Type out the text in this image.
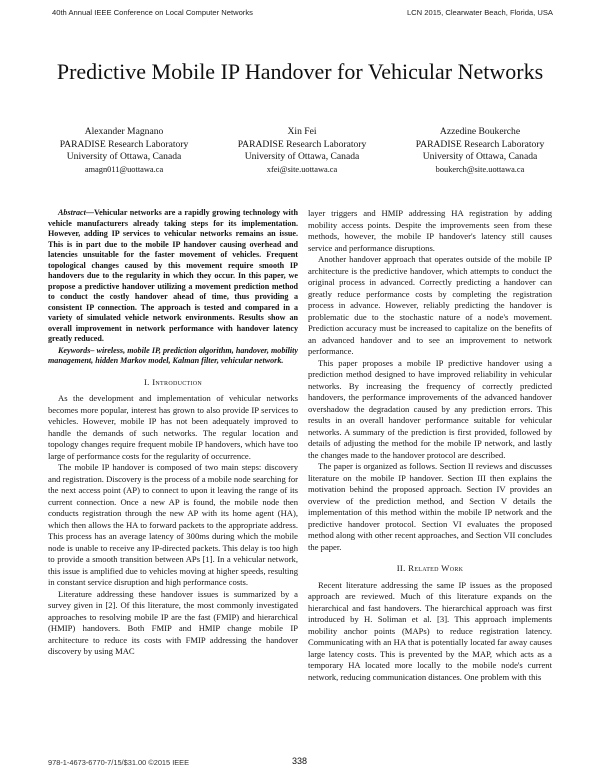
40th Annual IEEE Conference on Local Computer Networks	LCN 2015, Clearwater Beach, Florida, USA
Predictive Mobile IP Handover for Vehicular Networks
Alexander Magnano
PARADISE Research Laboratory
University of Ottawa, Canada
amagn011@uottawa.ca
Xin Fei
PARADISE Research Laboratory
University of Ottawa, Canada
xfei@site.uottawa.ca
Azzedine Boukerche
PARADISE Research Laboratory
University of Ottawa, Canada
boukerch@site.uottawa.ca

Abstract—Vehicular networks are a rapidly growing technology with vehicle manufacturers already taking steps for its implementation. However, adding IP services to vehicular networks remains an issue. This is in part due to the mobile IP handover causing overhead and latencies unsuitable for the faster movement of vehicles. Frequent topological changes caused by this movement require smooth IP handovers due to the regularity in which they occur. In this paper, we propose a predictive handover utilizing a movement prediction method to conduct the costly handover ahead of time, thus providing a consistent IP connection. The approach is tested and compared in a variety of simulated vehicle network environments. Results show an overall improvement in network performance with handover latency greatly reduced.

Keywords– wireless, mobile IP, prediction algorithm, handover, mobility management, hidden Markov model, Kalman filter, vehicular network.

I. Introduction

As the development and implementation of vehicular networks becomes more popular, interest has grown to also provide IP services to vehicles. However, mobile IP has not been adequately improved to handle the demands of such networks. The regular location and topology changes require frequent mobile IP handovers, which have too large of performance costs for the regularity of occurrence.

The mobile IP handover is composed of two main steps: discovery and registration. Discovery is the process of a mobile node searching for the next access point (AP) to connect to upon it leaving the range of its current connection. Once a new AP is found, the mobile node then conducts registration through the new AP with its home agent (HA), which then allows the HA to forward packets to the appropriate address. This process has an average latency of 300ms during which the mobile node is unable to receive any IP-directed packets. This delay is too high to provide a smooth transition between APs [1]. In a vehicular network, this issue is amplified due to vehicles moving at higher speeds, resulting in constant service disruption and high performance costs.

Literature addressing these handover issues is summarized by a survey given in [2]. Of this literature, the most commonly investigated approaches to resolving mobile IP are the fast (FMIP) and hierarchical (HMIP) handovers. Both FMIP and HMIP change mobile IP architecture to reduce its costs with FMIP addressing the handover discovery by using MAC

layer triggers and HMIP addressing HA registration by adding mobility access points. Despite the improvements seen from these methods, however, the mobile IP handover's latency still causes service and performance disruptions.

Another handover approach that operates outside of the mobile IP architecture is the predictive handover, which attempts to conduct the original process in advanced. Correctly predicting a handover can greatly reduce performance costs by completing the registration process in advance. However, reliably predicting the handover is problematic due to the stochastic nature of a node's movement. Prediction accuracy must be increased to capitalize on the benefits of an advanced handover and to see an improvement to network performance.

This paper proposes a mobile IP predictive handover using a prediction method designed to have improved reliability in vehicular networks. By increasing the frequency of correctly predicted handovers, the performance improvements of the advanced handover overshadow the degradation caused by any prediction errors. This results in an overall handover performance suitable for vehicular networks. A summary of the prediction is first provided, followed by details of adjusting the method for the mobile IP network, and lastly the changes made to the handover protocol are described.

The paper is organized as follows. Section II reviews and discusses literature on the mobile IP handover. Section III then explains the motivation behind the proposed approach. Section IV provides an overview of the prediction method, and Section V details the implementation of this method within the mobile IP network and the predictive handover protocol. Section VI evaluates the proposed method along with other recent approaches, and Section VII concludes the paper.

II. Related Work

Recent literature addressing the same IP issues as the proposed approach are reviewed. Much of this literature expands on the hierarchical and fast handovers. The hierarchical approach was first introduced by H. Soliman et al. [3]. This approach implements mobility anchor points (MAPs) to reduce registration latency. Communicating with an HA that is potentially located far away causes large latency costs. This is prevented by the MAP, which acts as a temporary HA located more locally to the mobile node's current network, reducing communication distances. One problem with this

978-1-4673-6770-7/15/$31.00 ©2015 IEEE	338
